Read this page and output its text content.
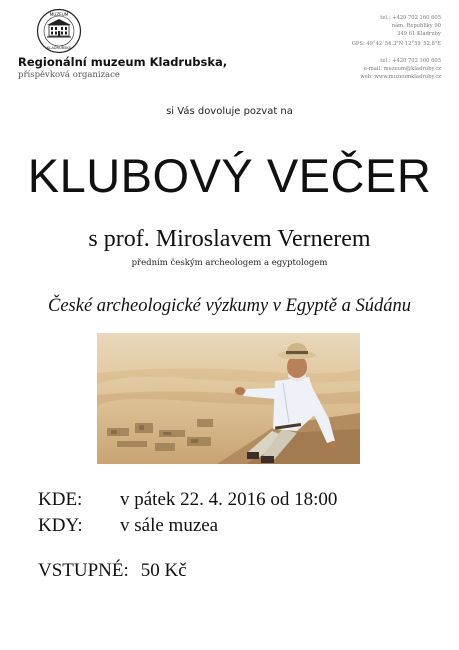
MUZEUM
KLADRUBSKA
Regionální muzeum Kladrubska,
příspěvková organizace
tel.: +420 702 160 605
nám. Republiky 90
349 61 Kladruby
GPS: 49°42´54.3"N 12°59´52.8"E
tel.: +420 702 160 605
e-mail: muzeum@kladruby.cz
web: www.muzeumkladruby.cz
si Vás dovoluje pozvat na
KLUBOVÝ VEČER
s prof. Miroslavem Vernerem
předním českým archeologem a egyptologem
České archeologické výzkumy v Egyptě a Súdánu
KDE: v pátek 22. 4. 2016 od 18:00
KDY: v sále muzea
VSTUPNÉ: 50 Kč
